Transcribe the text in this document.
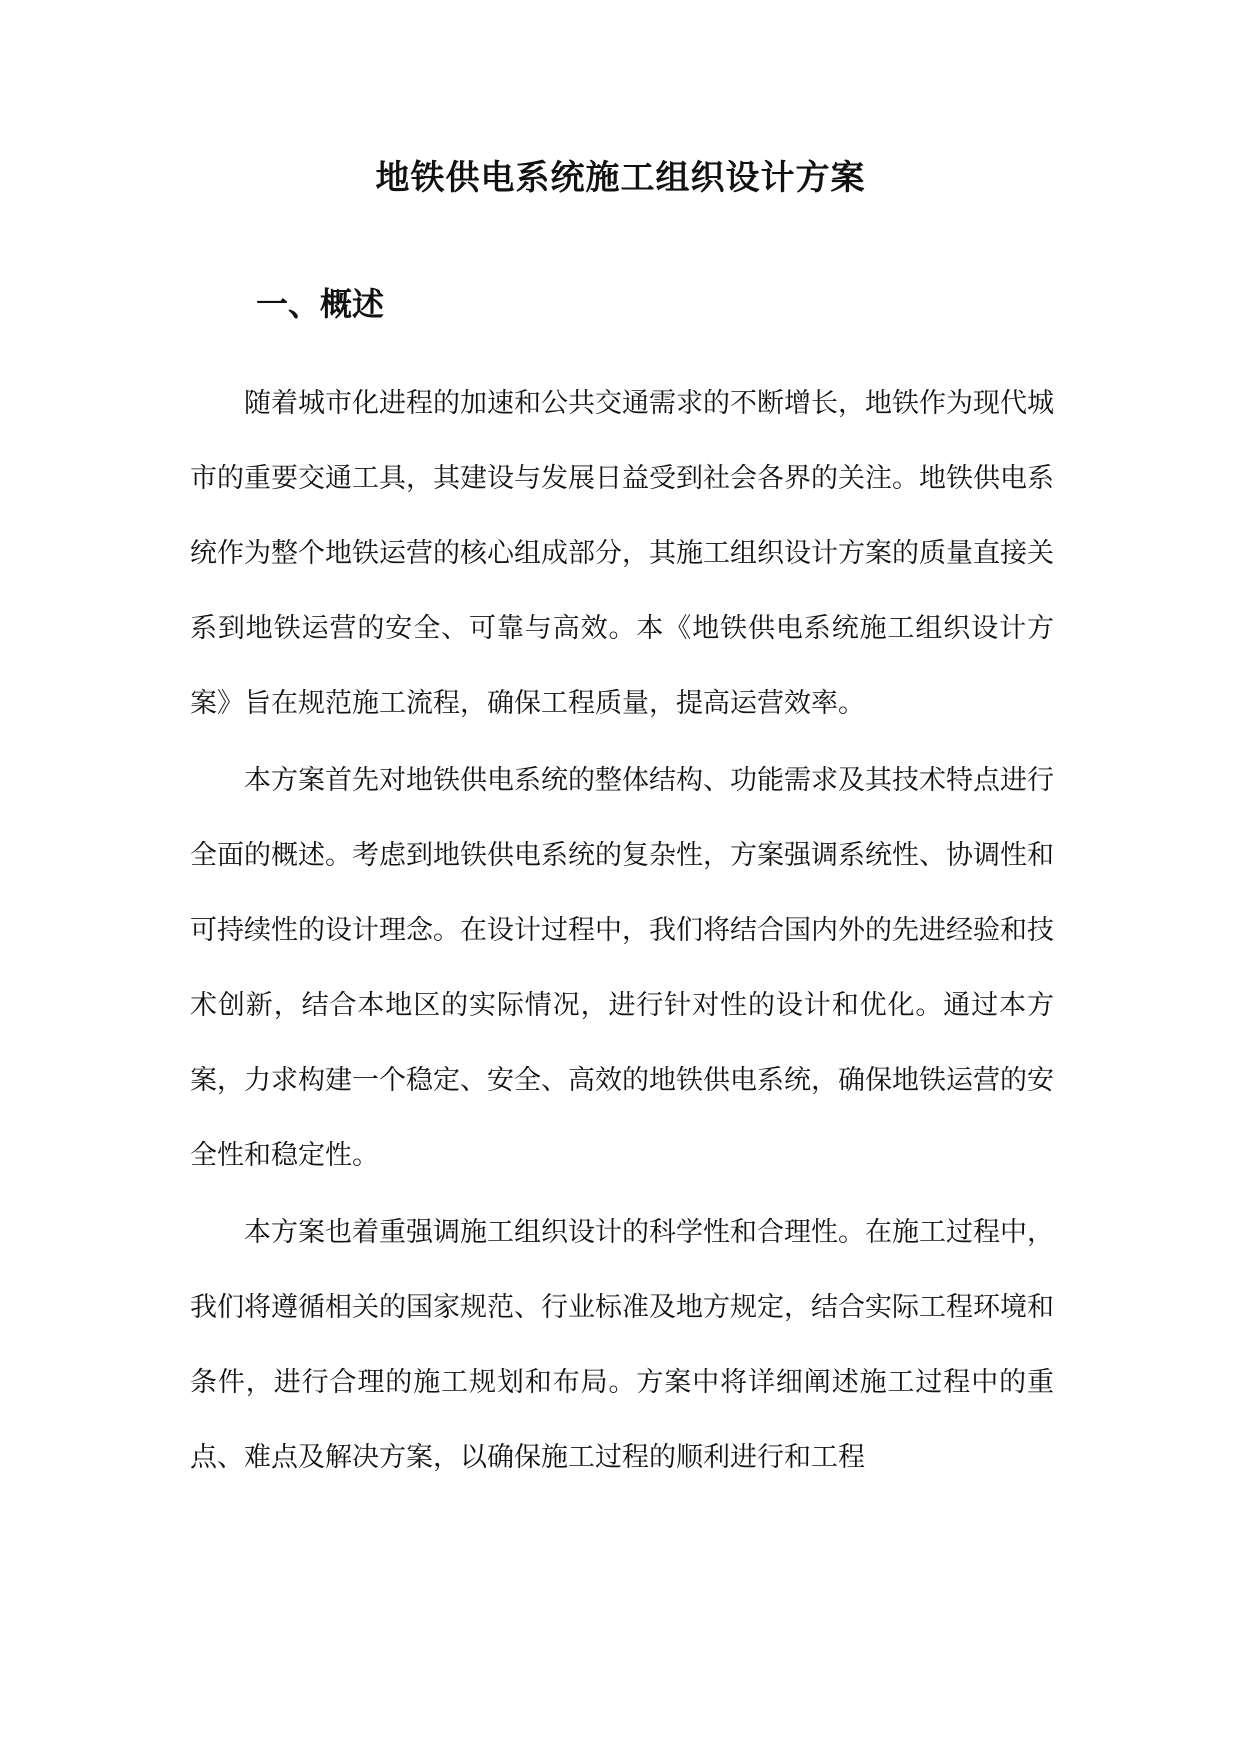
地铁供电系统施工组织设计方案
一、概述

随着城市化进程的加速和公共交通需求的不断增长，地铁作为现代城市的重要交通工具，其建设与发展日益受到社会各界的关注。地铁供电系统作为整个地铁运营的核心组成部分，其施工组织设计方案的质量直接关系到地铁运营的安全、可靠与高效。本《地铁供电系统施工组织设计方案》旨在规范施工流程，确保工程质量，提高运营效率。

本方案首先对地铁供电系统的整体结构、功能需求及其技术特点进行全面的概述。考虑到地铁供电系统的复杂性，方案强调系统性、协调性和可持续性的设计理念。在设计过程中，我们将结合国内外的先进经验和技术创新，结合本地区的实际情况，进行针对性的设计和优化。通过本方案，力求构建一个稳定、安全、高效的地铁供电系统，确保地铁运营的安全性和稳定性。

本方案也着重强调施工组织设计的科学性和合理性。在施工过程中，我们将遵循相关的国家规范、行业标准及地方规定，结合实际工程环境和条件，进行合理的施工规划和布局。方案中将详细阐述施工过程中的重点、难点及解决方案，以确保施工过程的顺利进行和工程
